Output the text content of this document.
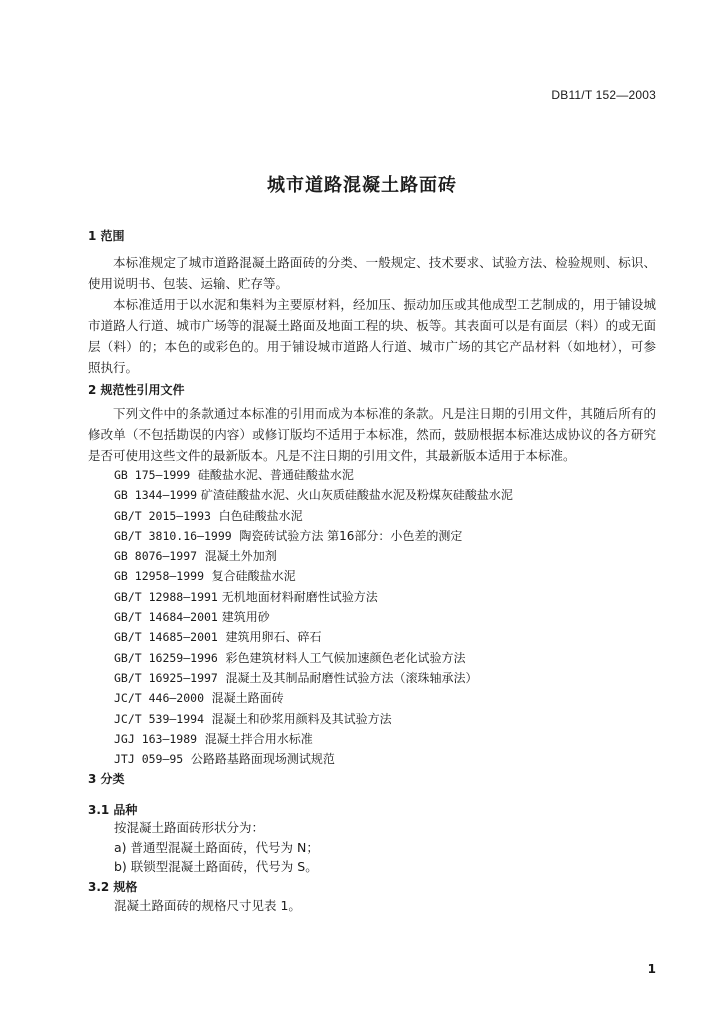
DB11/T 152—2003
城市道路混凝土路面砖
1 范围

本标准规定了城市道路混凝土路面砖的分类、一般规定、技术要求、试验方法、检验规则、标识、使用说明书、包装、运输、贮存等。

本标准适用于以水泥和集料为主要原材料，经加压、振动加压或其他成型工艺制成的，用于铺设城市道路人行道、城市广场等的混凝土路面及地面工程的块、板等。其表面可以是有面层（料）的或无面层（料）的；本色的或彩色的。用于铺设城市道路人行道、城市广场的其它产品材料（如地材），可参照执行。

2 规范性引用文件

下列文件中的条款通过本标准的引用而成为本标准的条款。凡是注日期的引用文件，其随后所有的修改单（不包括勘误的内容）或修订版均不适用于本标准，然而，鼓励根据本标准达成协议的各方研究是否可使用这些文件的最新版本。凡是不注日期的引用文件，其最新版本适用于本标准。

GB 175—1999 硅酸盐水泥、普通硅酸盐水泥
GB 1344—1999 矿渣硅酸盐水泥、火山灰质硅酸盐水泥及粉煤灰硅酸盐水泥
GB/T 2015—1993 白色硅酸盐水泥
GB/T 3810.16—1999 陶瓷砖试验方法 第16部分：小色差的测定
GB 8076—1997 混凝土外加剂
GB 12958—1999 复合硅酸盐水泥
GB/T 12988—1991 无机地面材料耐磨性试验方法
GB/T 14684—2001 建筑用砂
GB/T 14685—2001 建筑用卵石、碎石
GB/T 16259—1996 彩色建筑材料人工气候加速颜色老化试验方法
GB/T 16925—1997 混凝土及其制品耐磨性试验方法（滚珠轴承法）
JC/T 446—2000 混凝土路面砖
JC/T 539—1994 混凝土和砂浆用颜料及其试验方法
JGJ 163—1989 混凝土拌合用水标准
JTJ 059—95 公路路基路面现场测试规范
3 分类
3.1 品种
按混凝土路面砖形状分为：
a) 普通型混凝土路面砖，代号为 N；
b) 联锁型混凝土路面砖，代号为 S。
3.2 规格
混凝土路面砖的规格尺寸见表 1。
1
